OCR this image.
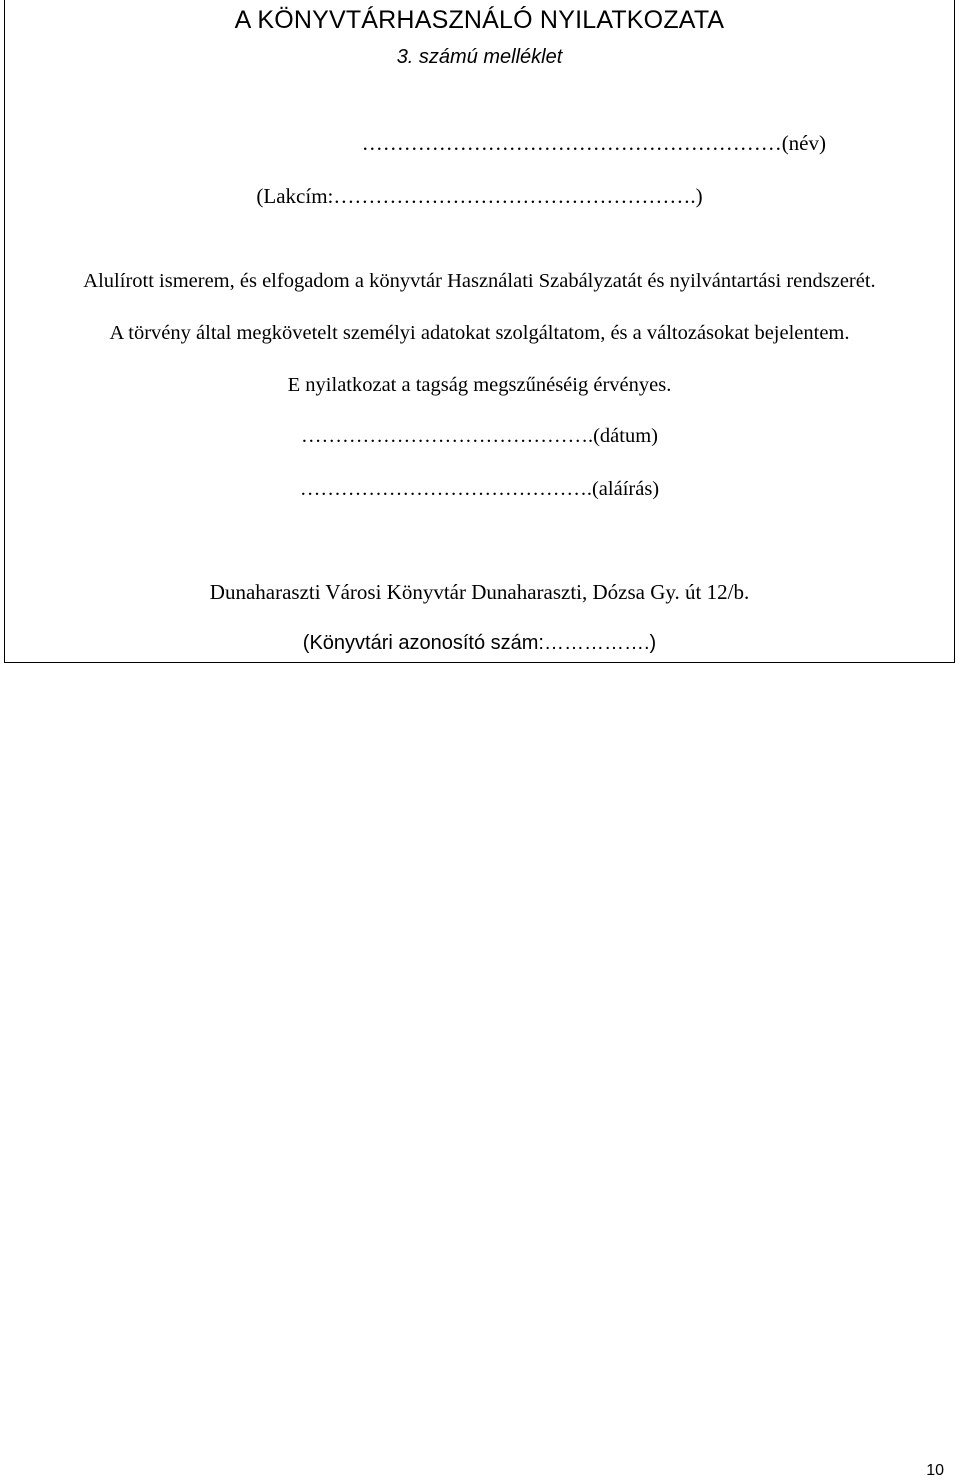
A KÖNYVTÁRHASZNÁLÓ NYILATKOZATA
3. számú melléklet
……………………………………………………(név)
(Lakcím:…………………………………………….)
Alulírott ismerem, és elfogadom a könyvtár Használati Szabályzatát és nyilvántartási rendszerét.
A törvény által megkövetelt személyi adatokat szolgáltatom, és a változásokat bejelentem.
E nyilatkozat a tagság megszűnéséig érvényes.
…………………………………….(dátum)
…………………………………….(aláírás)
Dunaharaszti Városi Könyvtár Dunaharaszti, Dózsa Gy. út 12/b.
(Könyvtári azonosító szám:…………….)
10
